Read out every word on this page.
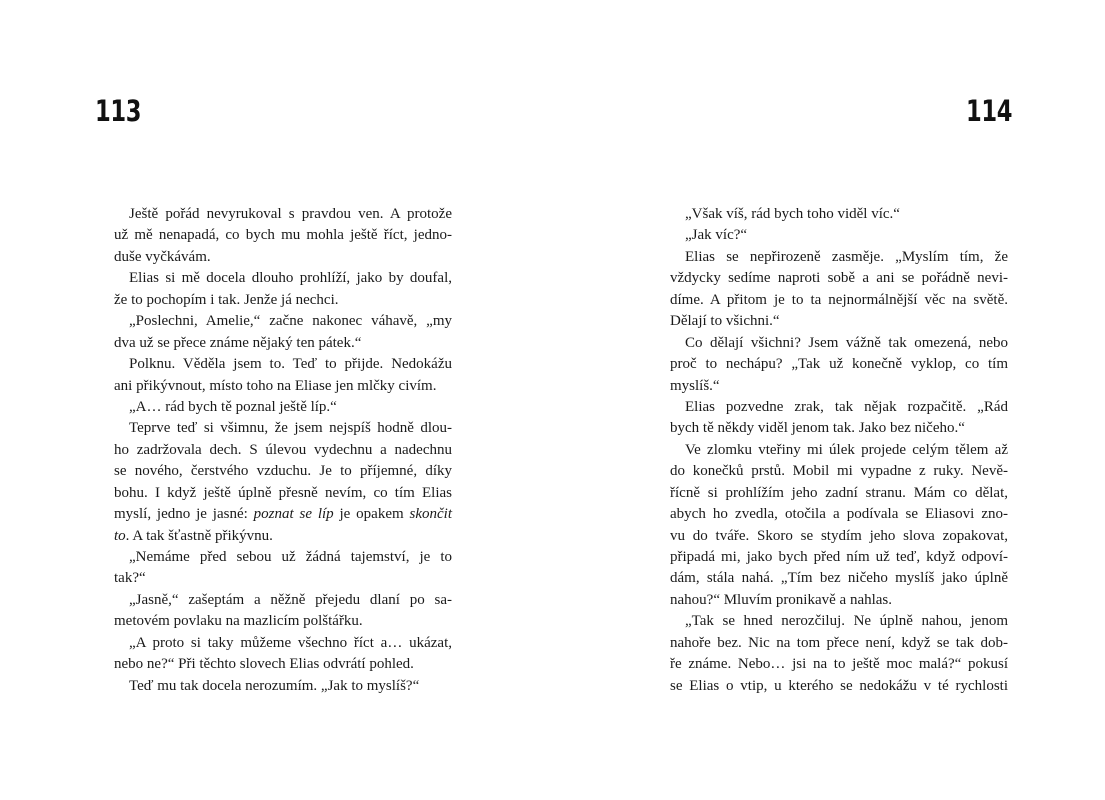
113
Ještě pořád nevyrukoval s pravdou ven. A protože
už mě nenapadá, co bych mu mohla ještě říct, jedno-
duše vyčkávám.
Elias si mě docela dlouho prohlíží, jako by doufal,
že to pochopím i tak. Jenže já nechci.
„Poslechni, Amelie,“ začne nakonec váhavě, „my
dva už se přece známe nějaký ten pátek.“
Polknu. Věděla jsem to. Teď to přijde. Nedokážu
ani přikývnout, místo toho na Eliase jen mlčky civím.
„A… rád bych tě poznal ještě líp.“
Teprve teď si všimnu, že jsem nejspíš hodně dlou-
ho zadržovala dech. S úlevou vydechnu a nadechnu
se nového, čerstvého vzduchu. Je to příjemné, díky
bohu. I když ještě úplně přesně nevím, co tím Elias
myslí, jedno je jasné: poznat se líp je opakem skončit
to. A tak šťastně přikývnu.
„Nemáme před sebou už žádná tajemství, je to
tak?“
„Jasně,“ zašeptám a něžně přejedu dlaní po sa-
metovém povlaku na mazlicím polštářku.
„A proto si taky můžeme všechno říct a… ukázat,
nebo ne?“ Při těchto slovech Elias odvrátí pohled.
Teď mu tak docela nerozumím. „Jak to myslíš?“
114
„Však víš, rád bych toho viděl víc.“
„Jak víc?“
Elias se nepřirozeně zasměje. „Myslím tím, že
vždycky sedíme naproti sobě a ani se pořádně nevi-
díme. A přitom je to ta nejnormálnější věc na světě.
Dělají to všichni.“
Co dělají všichni? Jsem vážně tak omezená, nebo
proč to nechápu? „Tak už konečně vyklop, co tím
myslíš.“
Elias pozvedne zrak, tak nějak rozpačitě. „Rád
bych tě někdy viděl jenom tak. Jako bez ničeho.“
Ve zlomku vteřiny mi úlek projede celým tělem až
do konečků prstů. Mobil mi vypadne z ruky. Nevě-
řícně si prohlížím jeho zadní stranu. Mám co dělat,
abych ho zvedla, otočila a podívala se Eliasovi zno-
vu do tváře. Skoro se stydím jeho slova zopakovat,
připadá mi, jako bych před ním už teď, když odpoví-
dám, stála nahá. „Tím bez ničeho myslíš jako úplně
nahou?“ Mluvím pronikavě a nahlas.
„Tak se hned nerozčiluj. Ne úplně nahou, jenom
nahoře bez. Nic na tom přece není, když se tak dob-
ře známe. Nebo… jsi na to ještě moc malá?“ pokusí
se Elias o vtip, u kterého se nedokážu v té rychlosti
